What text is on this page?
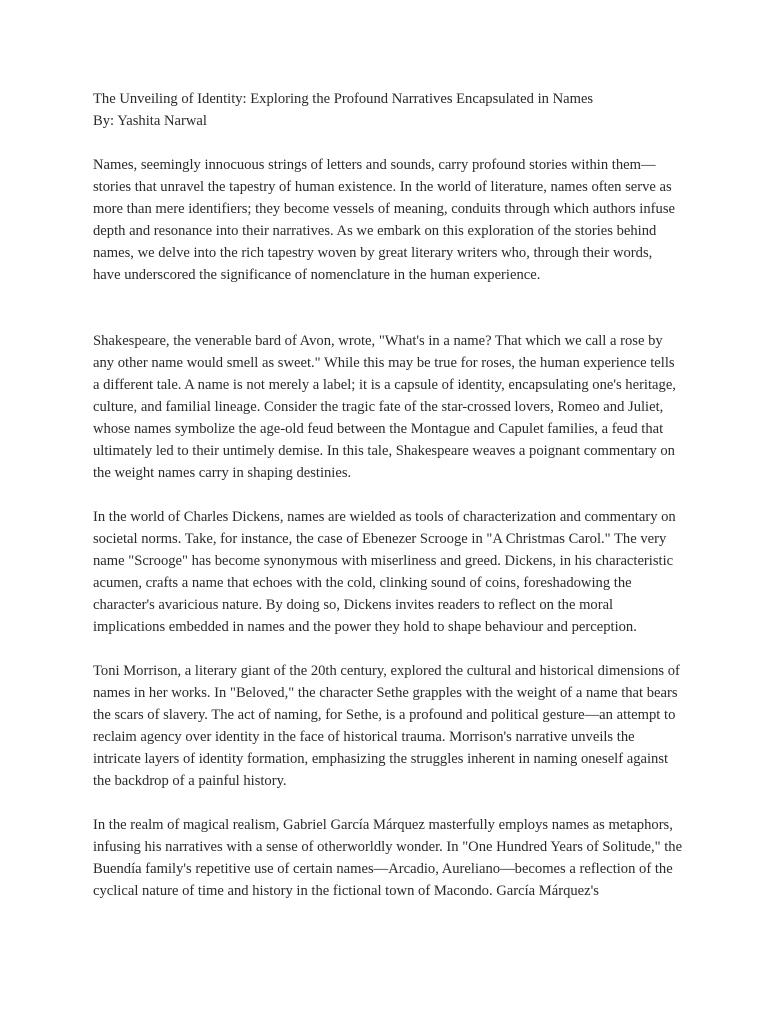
The Unveiling of Identity: Exploring the Profound Narratives Encapsulated in Names
By: Yashita Narwal

Names, seemingly innocuous strings of letters and sounds, carry profound stories within them—stories that unravel the tapestry of human existence. In the world of literature, names often serve as more than mere identifiers; they become vessels of meaning, conduits through which authors infuse depth and resonance into their narratives. As we embark on this exploration of the stories behind names, we delve into the rich tapestry woven by great literary writers who, through their words, have underscored the significance of nomenclature in the human experience.

Shakespeare, the venerable bard of Avon, wrote, "What's in a name? That which we call a rose by any other name would smell as sweet." While this may be true for roses, the human experience tells a different tale. A name is not merely a label; it is a capsule of identity, encapsulating one's heritage, culture, and familial lineage. Consider the tragic fate of the star-crossed lovers, Romeo and Juliet, whose names symbolize the age-old feud between the Montague and Capulet families, a feud that ultimately led to their untimely demise. In this tale, Shakespeare weaves a poignant commentary on the weight names carry in shaping destinies.

In the world of Charles Dickens, names are wielded as tools of characterization and commentary on societal norms. Take, for instance, the case of Ebenezer Scrooge in "A Christmas Carol." The very name "Scrooge" has become synonymous with miserliness and greed. Dickens, in his characteristic acumen, crafts a name that echoes with the cold, clinking sound of coins, foreshadowing the character's avaricious nature. By doing so, Dickens invites readers to reflect on the moral implications embedded in names and the power they hold to shape behaviour and perception.

Toni Morrison, a literary giant of the 20th century, explored the cultural and historical dimensions of names in her works. In "Beloved," the character Sethe grapples with the weight of a name that bears the scars of slavery. The act of naming, for Sethe, is a profound and political gesture—an attempt to reclaim agency over identity in the face of historical trauma. Morrison's narrative unveils the intricate layers of identity formation, emphasizing the struggles inherent in naming oneself against the backdrop of a painful history.

In the realm of magical realism, Gabriel García Márquez masterfully employs names as metaphors, infusing his narratives with a sense of otherworldly wonder. In "One Hundred Years of Solitude," the Buendía family's repetitive use of certain names—Arcadio, Aureliano—becomes a reflection of the cyclical nature of time and history in the fictional town of Macondo. García Márquez's
